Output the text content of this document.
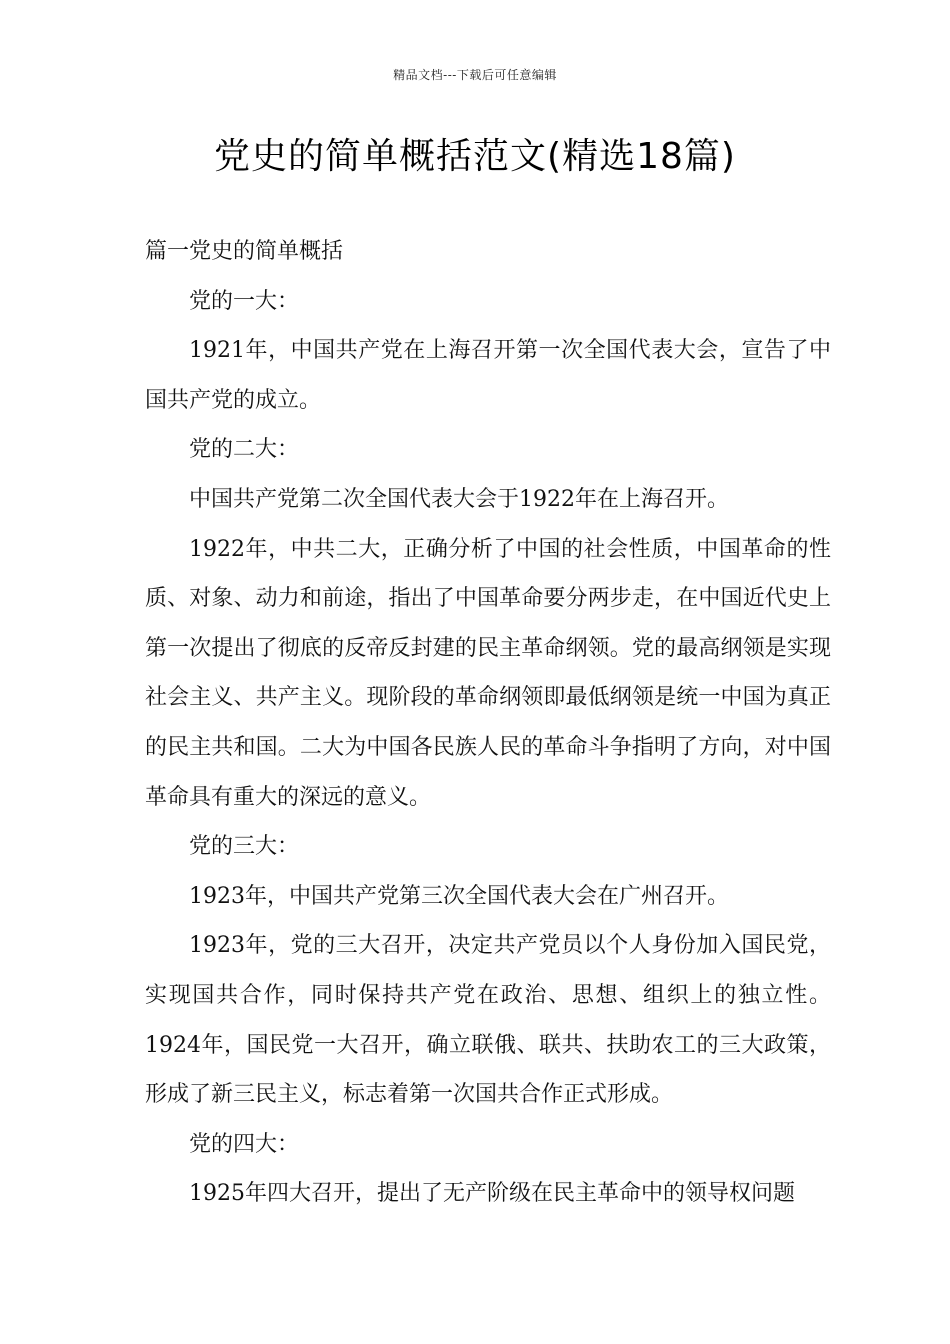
精品文档---下载后可任意编辑
党史的简单概括范文(精选18篇)

篇一党史的简单概括

党的一大：

1921年，中国共产党在上海召开第一次全国代表大会，宣告了中国共产党的成立。

党的二大：

中国共产党第二次全国代表大会于1922年在上海召开。

1922年，中共二大，正确分析了中国的社会性质，中国革命的性质、对象、动力和前途，指出了中国革命要分两步走，在中国近代史上第一次提出了彻底的反帝反封建的民主革命纲领。党的最高纲领是实现社会主义、共产主义。现阶段的革命纲领即最低纲领是统一中国为真正的民主共和国。二大为中国各民族人民的革命斗争指明了方向，对中国革命具有重大的深远的意义。

党的三大：

1923年，中国共产党第三次全国代表大会在广州召开。

1923年，党的三大召开，决定共产党员以个人身份加入国民党，实现国共合作，同时保持共产党在政治、思想、组织上的独立性。1924年，国民党一大召开，确立联俄、联共、扶助农工的三大政策，形成了新三民主义，标志着第一次国共合作正式形成。

党的四大：

1925年四大召开，提出了无产阶级在民主革命中的领导权问题
